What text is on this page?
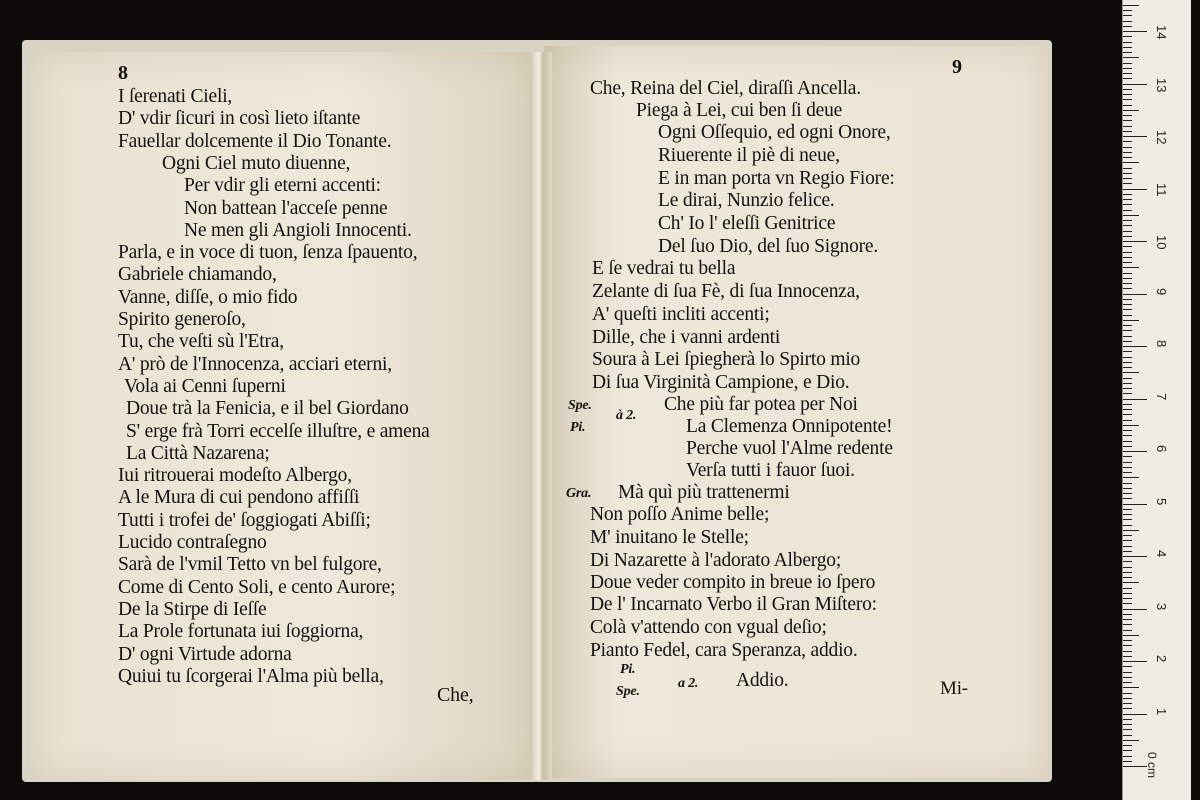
8
I ſerenati Cieli,
D' vdir ſicuri in così lieto iſtante
Fauellar dolcemente il Dio Tonante.
Ogni Ciel muto diuenne,
Per vdir gli eterni accenti:
Non battean l'acceſe penne
Ne men gli Angioli Innocenti.
Parla, e in voce di tuon, ſenza ſpauento,
Gabriele chiamando,
Vanne, diſſe, o mio fido
Spirito generoſo,
Tu, che veſti sù l'Etra,
A' prò de l'Innocenza, acciari eterni,
Vola ai Cenni ſuperni
Doue trà la Fenicia, e il bel Giordano
S' erge frà Torri eccelſe illuſtre, e amena
La Città Nazarena;
Iui ritrouerai modeſto Albergo,
A le Mura di cui pendono affiſſi
Tutti i trofei de' ſoggiogati Abiſſi;
Lucido contraſegno
Sarà de l'vmil Tetto vn bel fulgore,
Come di Cento Soli, e cento Aurore;
De la Stirpe di Ieſſe
La Prole fortunata iui ſoggiorna,
D' ogni Virtude adorna
Quiui tu ſcorgerai l'Alma più bella,
Che,
9
Che, Reina del Ciel, diraſſi Ancella.
Piega à Lei, cui ben ſi deue
Ogni Oſſequio, ed ogni Onore,
Riuerente il piè di neue,
E in man porta vn Regio Fiore:
Le dirai, Nunzio felice.
Ch' Io l' eleſſi Genitrice
Del ſuo Dio, del ſuo Signore.
E ſe vedrai tu bella
Zelante di ſua Fè, di ſua Innocenza,
A' queſti incliti accenti;
Dille, che i vanni ardenti
Soura à Lei ſpiegherà lo Spirto mio
Di ſua Virginità Campione, e Dio.
Che più far potea per Noi
La Clemenza Onnipotente!
Perche vuol l'Alme redente
Verſa tutti i fauor ſuoi.
Mà quì più trattenermi
Non poſſo Anime belle;
M' inuitano le Stelle;
Di Nazarette à l'adorato Albergo;
Doue veder compito in breue io ſpero
De l' Incarnato Verbo il Gran Miſtero:
Colà v'attendo con vgual deſio;
Pianto Fedel, cara Speranza, addio.
Addio.
Spe.
Pi.
à 2.
Gra.
Pi.
Spe.
a 2.	Mi-
1
2
3
4
5
6
7
8
9
10
11
12
13
14
0 cm
